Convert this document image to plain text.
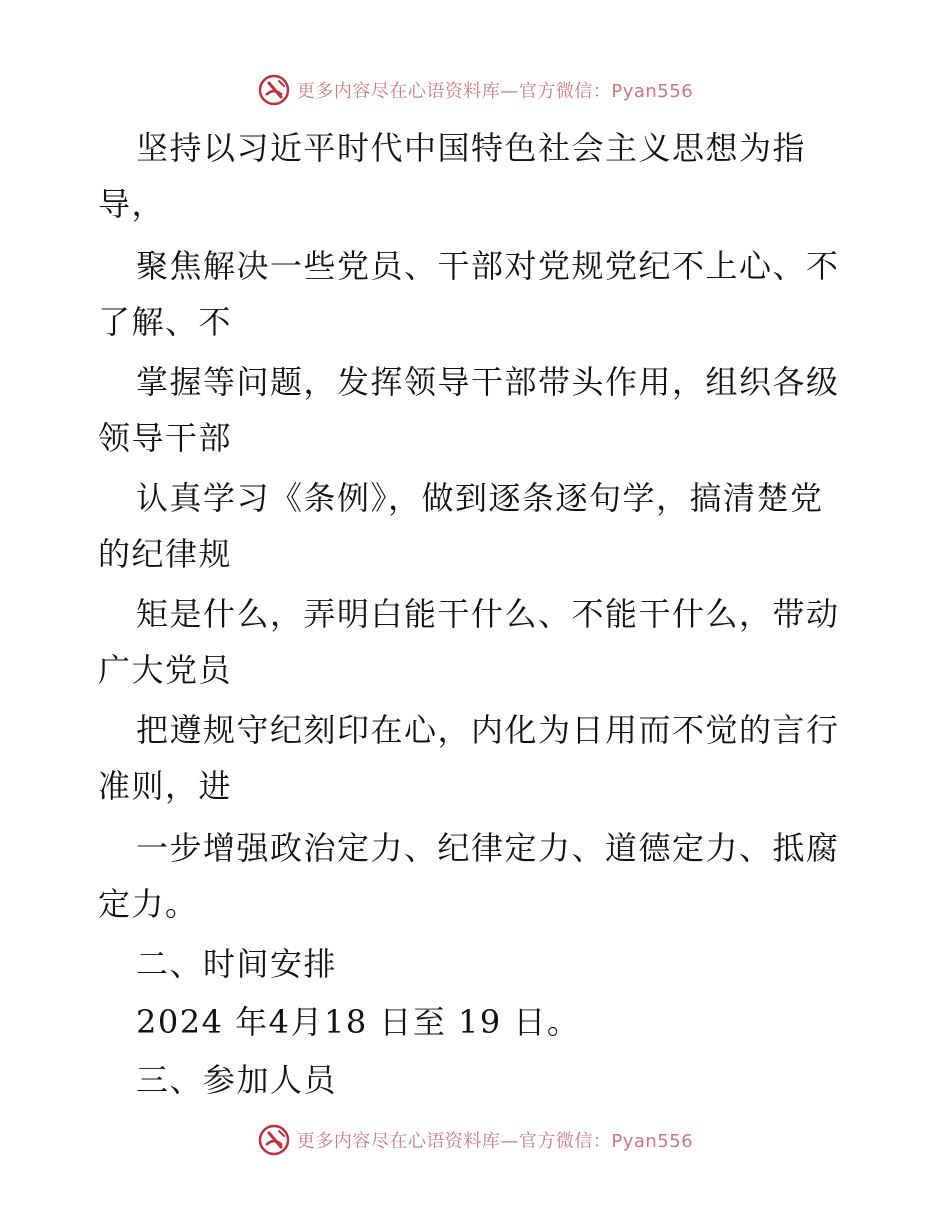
更多内容尽在心语资料库—官方微信：Pyan556
坚持以习近平时代中国特色社会主义思想为指
导，
聚焦解决一些党员、干部对党规党纪不上心、不
了解、不
掌握等问题，发挥领导干部带头作用，组织各级
领导干部
认真学习《条例》，做到逐条逐句学，搞清楚党
的纪律规
矩是什么，弄明白能干什么、不能干什么，带动
广大党员
把遵规守纪刻印在心，内化为日用而不觉的言行
准则，进
一步增强政治定力、纪律定力、道德定力、抵腐
定力。
二、时间安排
2024 年4月18 日至 19 日。
三、参加人员
更多内容尽在心语资料库—官方微信：Pyan556
